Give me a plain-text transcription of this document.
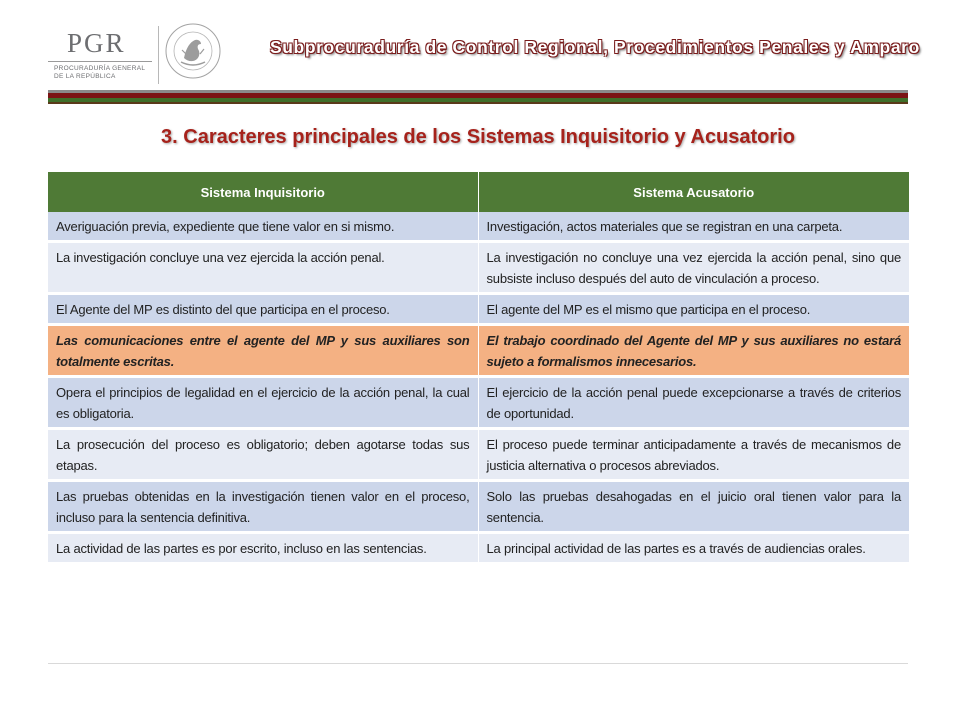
PGR
PROCURADURÍA GENERAL
DE LA REPÚBLICA
Subprocuraduría de Control Regional, Procedimientos Penales y Amparo
3. Caracteres principales de los Sistemas Inquisitorio y Acusatorio
Sistema Inquisitorio	Sistema Acusatorio
Averiguación previa, expediente que tiene valor en si mismo.	Investigación, actos materiales que se registran en una carpeta.
La investigación concluye una vez ejercida la acción penal.	La investigación no concluye una vez ejercida la acción penal, sino que subsiste incluso después del auto de vinculación a proceso.
El Agente del MP es distinto del que participa en el proceso.	El agente del MP es el mismo que participa en el proceso.
Las comunicaciones entre el agente del MP y sus auxiliares son totalmente escritas.	El trabajo coordinado del Agente del MP y sus auxiliares no estará sujeto a formalismos innecesarios.
Opera el principios de legalidad en el ejercicio de la acción penal, la cual es obligatoria.	El ejercicio de la acción penal puede excepcionarse a través de criterios de oportunidad.
La prosecución del proceso es obligatorio; deben agotarse todas sus etapas.	El proceso puede terminar anticipadamente a través de mecanismos de justicia alternativa o procesos abreviados.
Las pruebas obtenidas en la investigación tienen valor en el proceso, incluso para la sentencia definitiva.	Solo las pruebas desahogadas en el juicio oral tienen valor para la sentencia.
La actividad de las partes es por escrito, incluso en las sentencias.	La principal actividad de las partes es a través de audiencias orales.
